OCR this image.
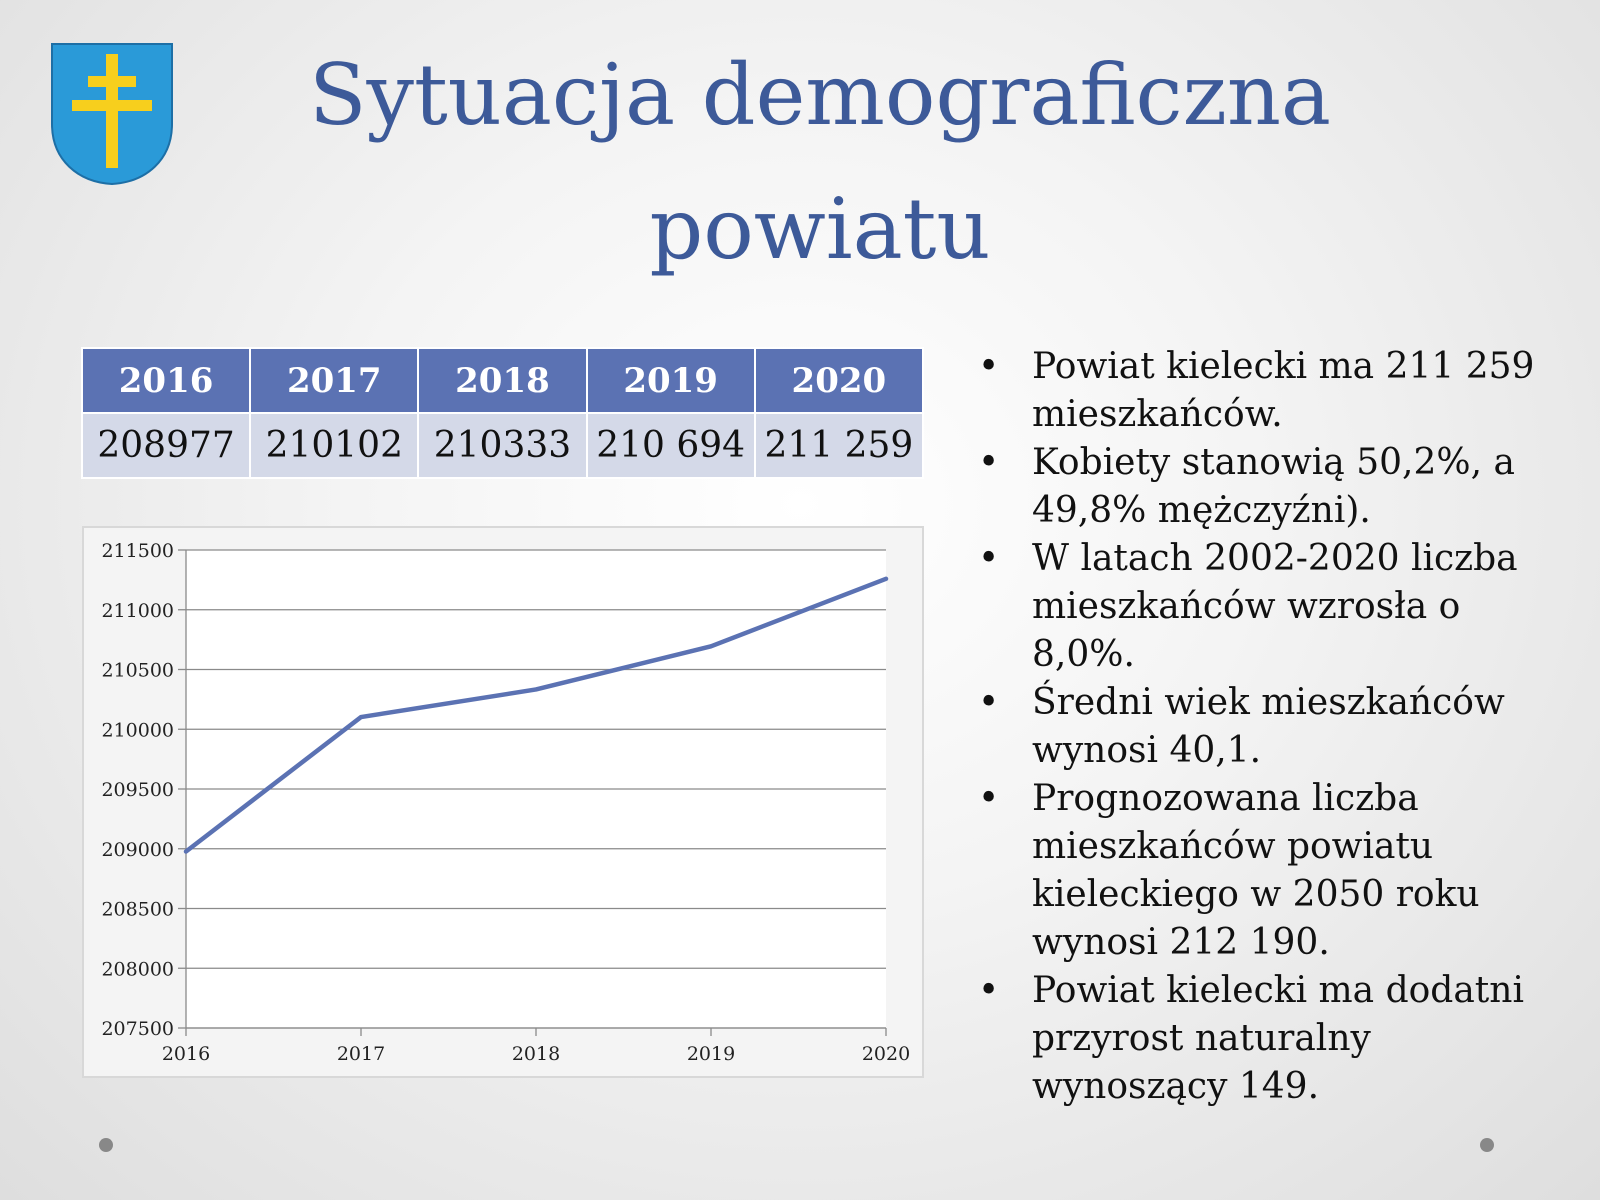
Sytuacja demograficzna powiatu
2016	2017	2018	2019	2020
208977	210102	210333	210 694	211 259
207500
208000
208500
209000
209500
210000
210500
211000
211500
2016	2017	2018	2019	2020
• Powiat kielecki ma 211 259 mieszkańców.
• Kobiety stanowią 50,2%, a 49,8% mężczyźni).
• W latach 2002-2020 liczba mieszkańców wzrosła o 8,0%.
• Średni wiek mieszkańców wynosi 40,1.
• Prognozowana liczba mieszkańców powiatu kieleckiego w 2050 roku wynosi 212 190.
• Powiat kielecki ma dodatni przyrost naturalny wynoszący 149.
